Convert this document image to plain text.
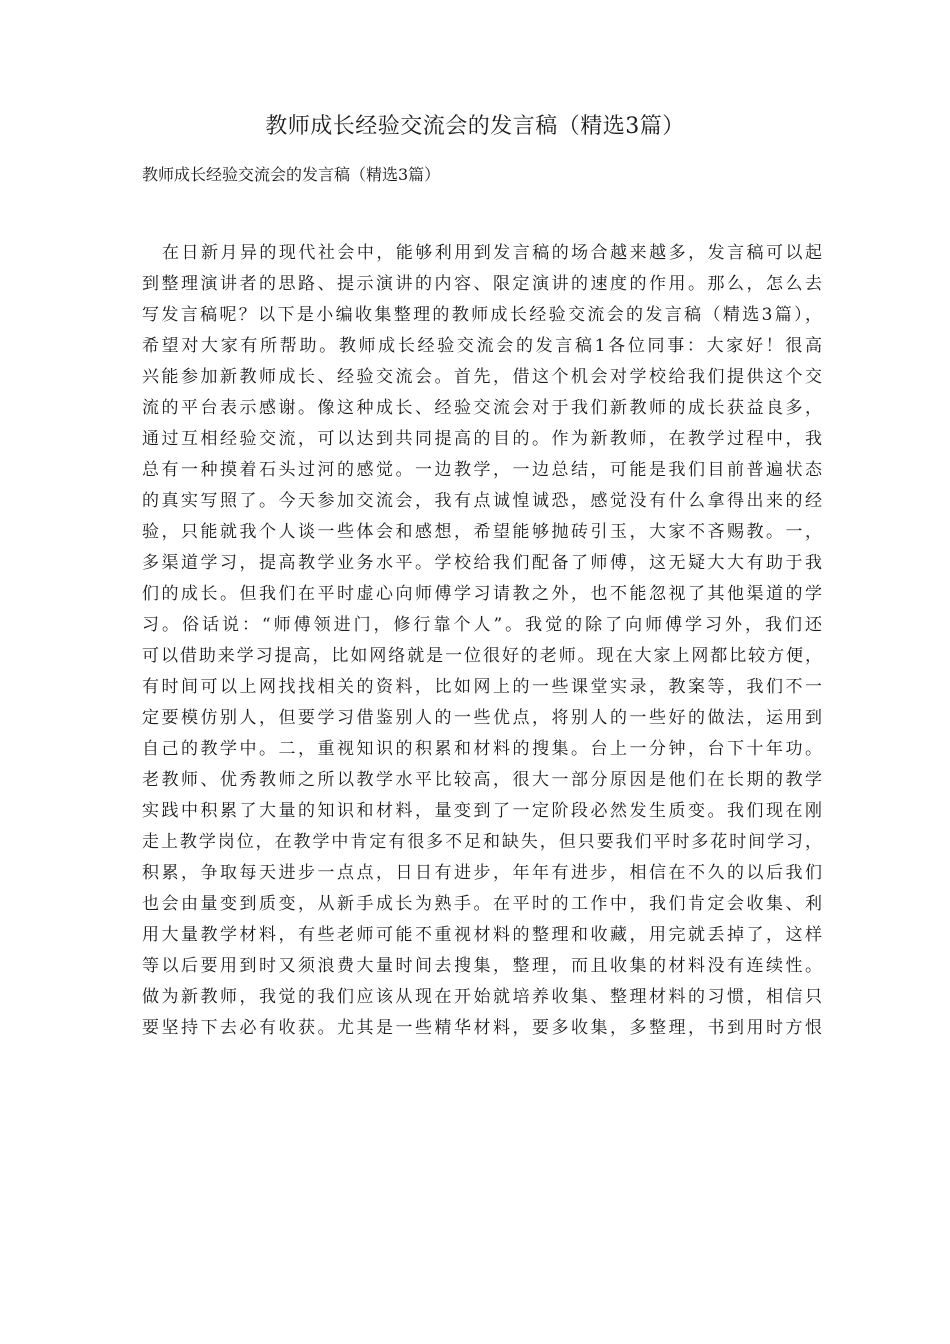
教师成长经验交流会的发言稿（精选3篇）
教师成长经验交流会的发言稿（精选3篇）
在日新月异的现代社会中，能够利用到发言稿的场合越来越多，发言稿可以起
到整理演讲者的思路、提示演讲的内容、限定演讲的速度的作用。那么，怎么去
写发言稿呢？以下是小编收集整理的教师成长经验交流会的发言稿（精选3篇），
希望对大家有所帮助。教师成长经验交流会的发言稿1各位同事：大家好！很高
兴能参加新教师成长、经验交流会。首先，借这个机会对学校给我们提供这个交
流的平台表示感谢。像这种成长、经验交流会对于我们新教师的成长获益良多，
通过互相经验交流，可以达到共同提高的目的。作为新教师，在教学过程中，我
总有一种摸着石头过河的感觉。一边教学，一边总结，可能是我们目前普遍状态
的真实写照了。今天参加交流会，我有点诚惶诚恐，感觉没有什么拿得出来的经
验，只能就我个人谈一些体会和感想，希望能够抛砖引玉，大家不吝赐教。一，
多渠道学习，提高教学业务水平。学校给我们配备了师傅，这无疑大大有助于我
们的成长。但我们在平时虚心向师傅学习请教之外，也不能忽视了其他渠道的学
习。俗话说：“师傅领进门，修行靠个人”。我觉的除了向师傅学习外，我们还
可以借助来学习提高，比如网络就是一位很好的老师。现在大家上网都比较方便，
有时间可以上网找找相关的资料，比如网上的一些课堂实录，教案等，我们不一
定要模仿别人，但要学习借鉴别人的一些优点，将别人的一些好的做法，运用到
自己的教学中。二，重视知识的积累和材料的搜集。台上一分钟，台下十年功。
老教师、优秀教师之所以教学水平比较高，很大一部分原因是他们在长期的教学
实践中积累了大量的知识和材料，量变到了一定阶段必然发生质变。我们现在刚
走上教学岗位，在教学中肯定有很多不足和缺失，但只要我们平时多花时间学习，
积累，争取每天进步一点点，日日有进步，年年有进步，相信在不久的以后我们
也会由量变到质变，从新手成长为熟手。在平时的工作中，我们肯定会收集、利
用大量教学材料，有些老师可能不重视材料的整理和收藏，用完就丢掉了，这样
等以后要用到时又须浪费大量时间去搜集，整理，而且收集的材料没有连续性。
做为新教师，我觉的我们应该从现在开始就培养收集、整理材料的习惯，相信只
要坚持下去必有收获。尤其是一些精华材料，要多收集，多整理，书到用时方恨
